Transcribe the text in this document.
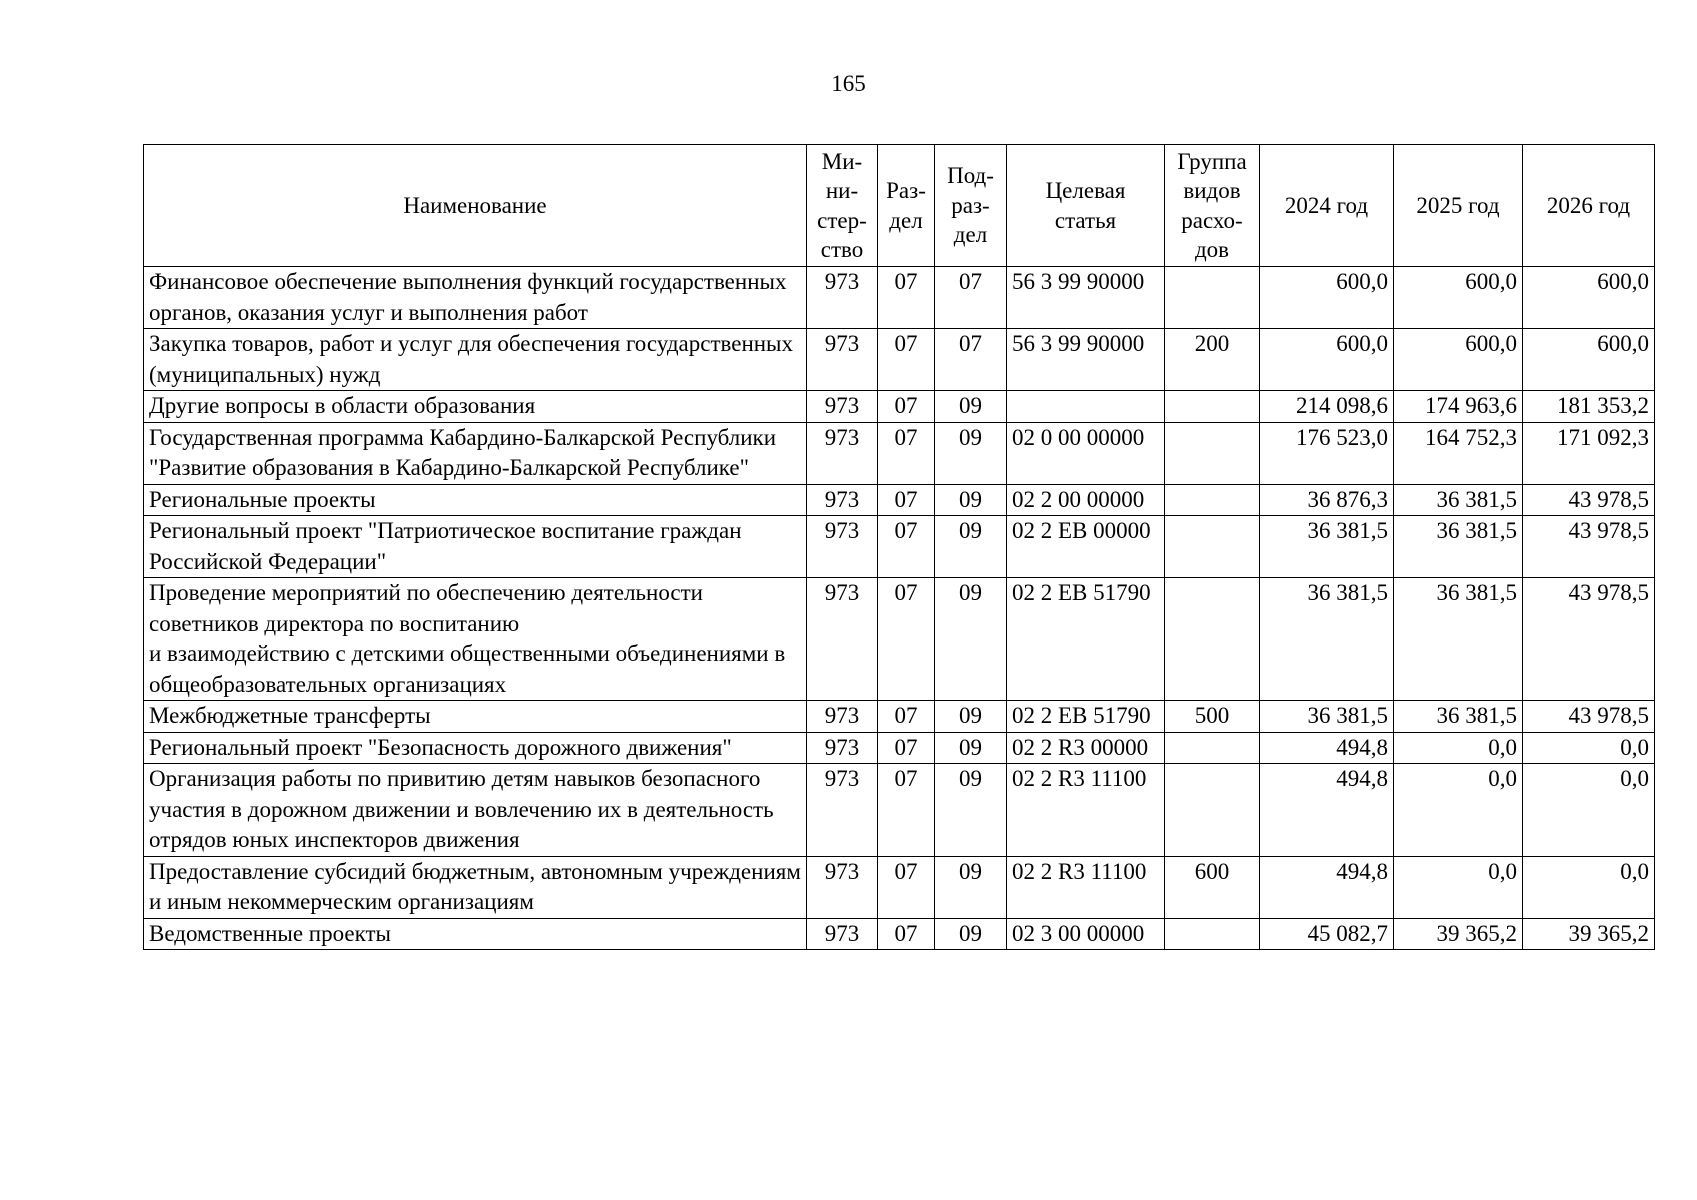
165
Наименование	Ми-
ни-
стер-
ство	Раз-
дел	Под-
раз-
дел	Целевая
статья	Группа
видов
расхо-
дов	2024 год	2025 год	2026 год
Финансовое обеспечение выполнения функций государственных органов, оказания услуг и выполнения работ	973	07	07	56 3 99 90000		600,0	600,0	600,0
Закупка товаров, работ и услуг для обеспечения государственных (муниципальных) нужд	973	07	07	56 3 99 90000	200	600,0	600,0	600,0
Другие вопросы в области образования	973	07	09			214 098,6	174 963,6	181 353,2
Государственная программа Кабардино-Балкарской Республики "Развитие образования в Кабардино-Балкарской Республике"	973	07	09	02 0 00 00000		176 523,0	164 752,3	171 092,3
Региональные проекты	973	07	09	02 2 00 00000		36 876,3	36 381,5	43 978,5
Региональный проект "Патриотическое воспитание граждан Российской Федерации"	973	07	09	02 2 ЕВ 00000		36 381,5	36 381,5	43 978,5
Проведение мероприятий по обеспечению деятельности советников директора по воспитанию
и взаимодействию с детскими общественными объединениями в общеобразовательных организациях	973	07	09	02 2 ЕВ 51790		36 381,5	36 381,5	43 978,5
Межбюджетные трансферты	973	07	09	02 2 ЕВ 51790	500	36 381,5	36 381,5	43 978,5
Региональный проект "Безопасность дорожного движения"	973	07	09	02 2 R3 00000		494,8	0,0	0,0
Организация работы по привитию детям навыков безопасного участия в дорожном движении и вовлечению их в деятельность отрядов юных инспекторов движения	973	07	09	02 2 R3 11100		494,8	0,0	0,0
Предоставление субсидий бюджетным, автономным учреждениям и иным некоммерческим организациям	973	07	09	02 2 R3 11100	600	494,8	0,0	0,0
Ведомственные проекты	973	07	09	02 3 00 00000		45 082,7	39 365,2	39 365,2
